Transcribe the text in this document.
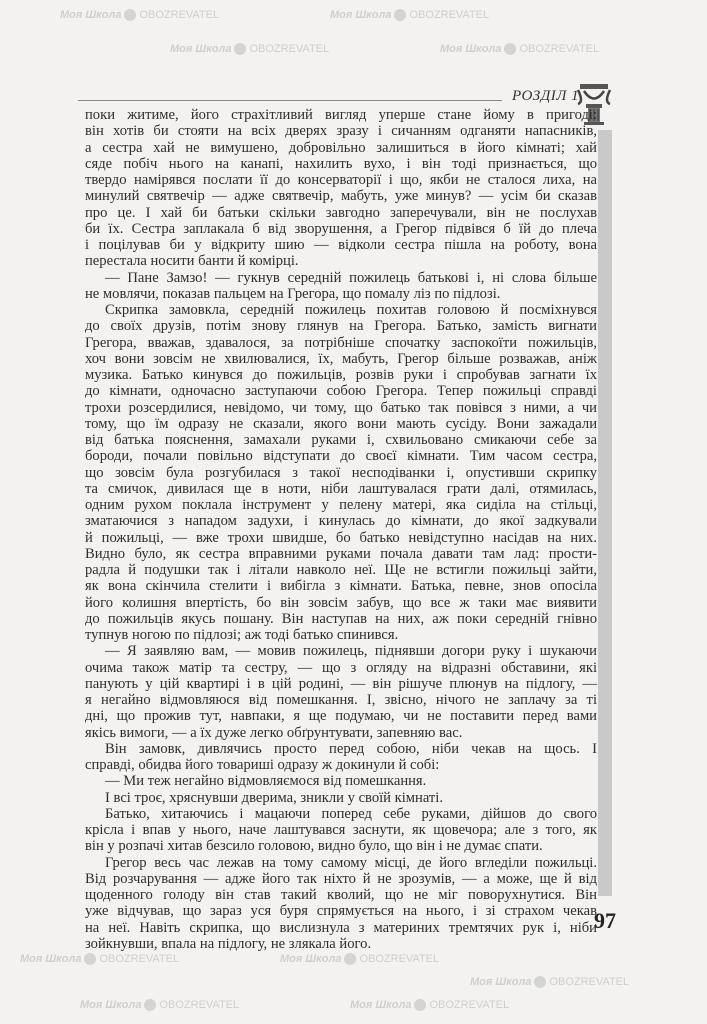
Моя Школа OBOZREVATEL	Моя Школа OBOZREVATEL
Моя Школа OBOZREVATEL	Моя Школа OBOZREVATEL
Моя Школа OBOZREVATEL	Моя Школа OBOZREVATEL
Моя Школа OBOZREVATEL	Моя Школа OBOZREVATEL
Моя Школа OBOZREVATEL
РОЗДІЛ 1
поки житиме, його страхітливий вигляд уперше стане йому в пригоді:
він хотів би стояти на всіх дверях зразу і сичанням одганяти напасників,
а сестра хай не вимушено, добровільно залишиться в його кімнаті; хай
сяде побіч нього на канапі, нахилить вухо, і він тоді признається, що
твердо намірявся послати її до консерваторії і що, якби не сталося лиха, на
минулий святвечір — адже святвечір, мабуть, уже минув? — усім би сказав
про це. І хай би батьки скільки завгодно заперечували, він не послухав
би їх. Сестра заплакала б від зворушення, а Грегор підвівся б їй до плеча
і поцілував би у відкриту шию — відколи сестра пішла на роботу, вона
перестала носити банти й комірці.
— Пане Замзо! — гукнув середній пожилець батькові і, ні слова більше
не мовлячи, показав пальцем на Грегора, що помалу ліз по підлозі.
Скрипка замовкла, середній пожилець похитав головою й посміхнувся
до своїх друзів, потім знову глянув на Грегора. Батько, замість вигнати
Грегора, вважав, здавалося, за потрібніше спочатку заспокоїти пожильців,
хоч вони зовсім не хвилювалися, їх, мабуть, Грегор більше розважав, аніж
музика. Батько кинувся до пожильців, розвів руки і спробував загнати їх
до кімнати, одночасно заступаючи собою Грегора. Тепер пожильці справді
трохи розсердилися, невідомо, чи тому, що батько так повівся з ними, а чи
тому, що їм одразу не сказали, якого вони мають сусіду. Вони зажадали
від батька пояснення, замахали руками і, схвильовано смикаючи себе за
бороди, почали повільно відступати до своєї кімнати. Тим часом сестра,
що зовсім була розгубилася з такої несподіванки і, опустивши скрипку
та смичок, дивилася ще в ноти, ніби лаштувалася грати далі, отямилась,
одним рухом поклала інструмент у пелену матері, яка сиділа на стільці,
зматаючися з нападом задухи, і кинулась до кімнати, до якої задкували
й пожильці, — вже трохи швидше, бо батько невідступно насідав на них.
Видно було, як сестра вправними руками почала давати там лад: прости-
радла й подушки так і літали навколо неї. Ще не встигли пожильці зайти,
як вона скінчила стелити і вибігла з кімнати. Батька, певне, знов опосіла
його колишня впертість, бо він зовсім забув, що все ж таки має виявити
до пожильців якусь пошану. Він наступав на них, аж поки середній гнівно
тупнув ногою по підлозі; аж тоді батько спинився.
— Я заявляю вам, — мовив пожилець, піднявши догори руку і шукаючи
очима також матір та сестру, — що з огляду на відразні обставини, які
панують у цій квартирі і в цій родині, — він рішуче плюнув на підлогу, —
я негайно відмовляюся від помешкання. І, звісно, нічого не заплачу за ті
дні, що прожив тут, навпаки, я ще подумаю, чи не поставити перед вами
якісь вимоги, — а їх дуже легко обґрунтувати, запевняю вас.
Він замовк, дивлячись просто перед собою, ніби чекав на щось. І
справді, обидва його товариші одразу ж докинули й собі:
— Ми теж негайно відмовляємося від помешкання.
І всі троє, хряснувши дверима, зникли у своїй кімнаті.
Батько, хитаючись і мацаючи поперед себе руками, дійшов до свого
крісла і впав у нього, наче лаштувався заснути, як щовечора; але з того, як
він у розпачі хитав безсило головою, видно було, що він і не думає спати.
Грегор весь час лежав на тому самому місці, де його вгледіли пожильці.
Від розчарування — адже його так ніхто й не зрозумів, — а може, ще й від
щоденного голоду він став такий кволий, що не міг поворухнутися. Він
уже відчував, що зараз уся буря спрямується на нього, і зі страхом чекав
на неї. Навіть скрипка, що вислизнула з материних тремтячих рук і, ніби
зойкнувши, впала на підлогу, не злякала його.
97
